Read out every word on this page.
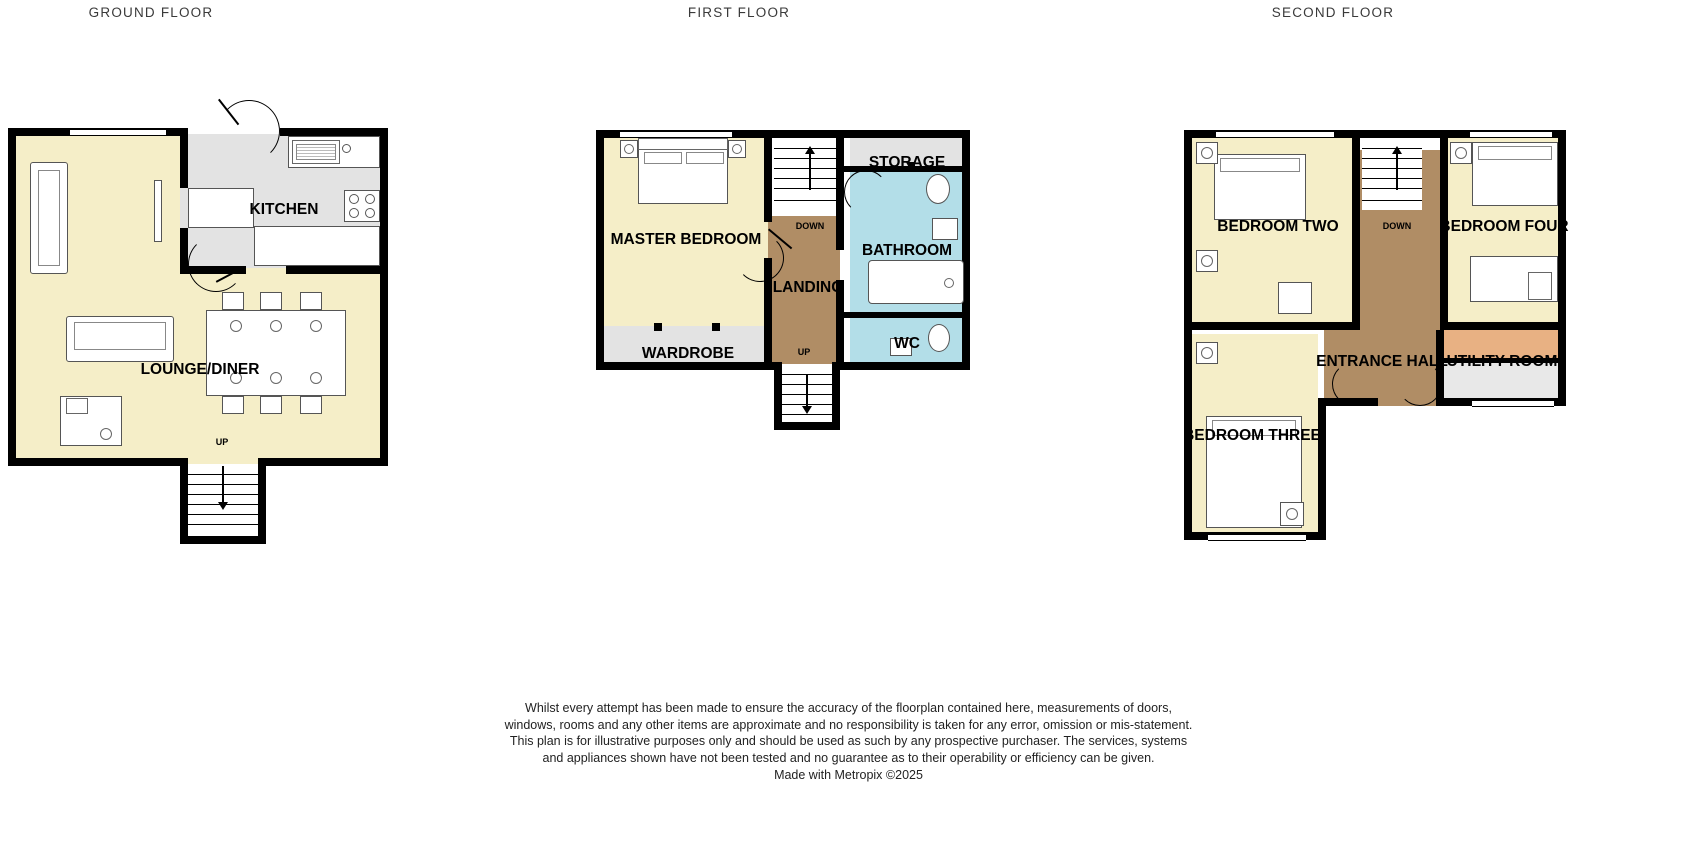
GROUND FLOOR	FIRST FLOOR	SECOND FLOOR
UP
KITCHEN
LOUNGE/DINER
DOWN
UP
MASTER BEDROOM
WARDROBE
LANDING
STORAGE
BATHROOM
WC
DOWN
BEDROOM TWO	BEDROOM FOUR
BEDROOM THREE
ENTRANCE HALL
UTILITY ROOM
Whilst every attempt has been made to ensure the accuracy of the floorplan contained here, measurements of doors, windows, rooms and any other items are approximate and no responsibility is taken for any error, omission or mis-statement. This plan is for illustrative purposes only and should be used as such by any prospective purchaser. The services, systems and appliances shown have not been tested and no guarantee as to their operability or efficiency can be given.
Made with Metropix ©2025
